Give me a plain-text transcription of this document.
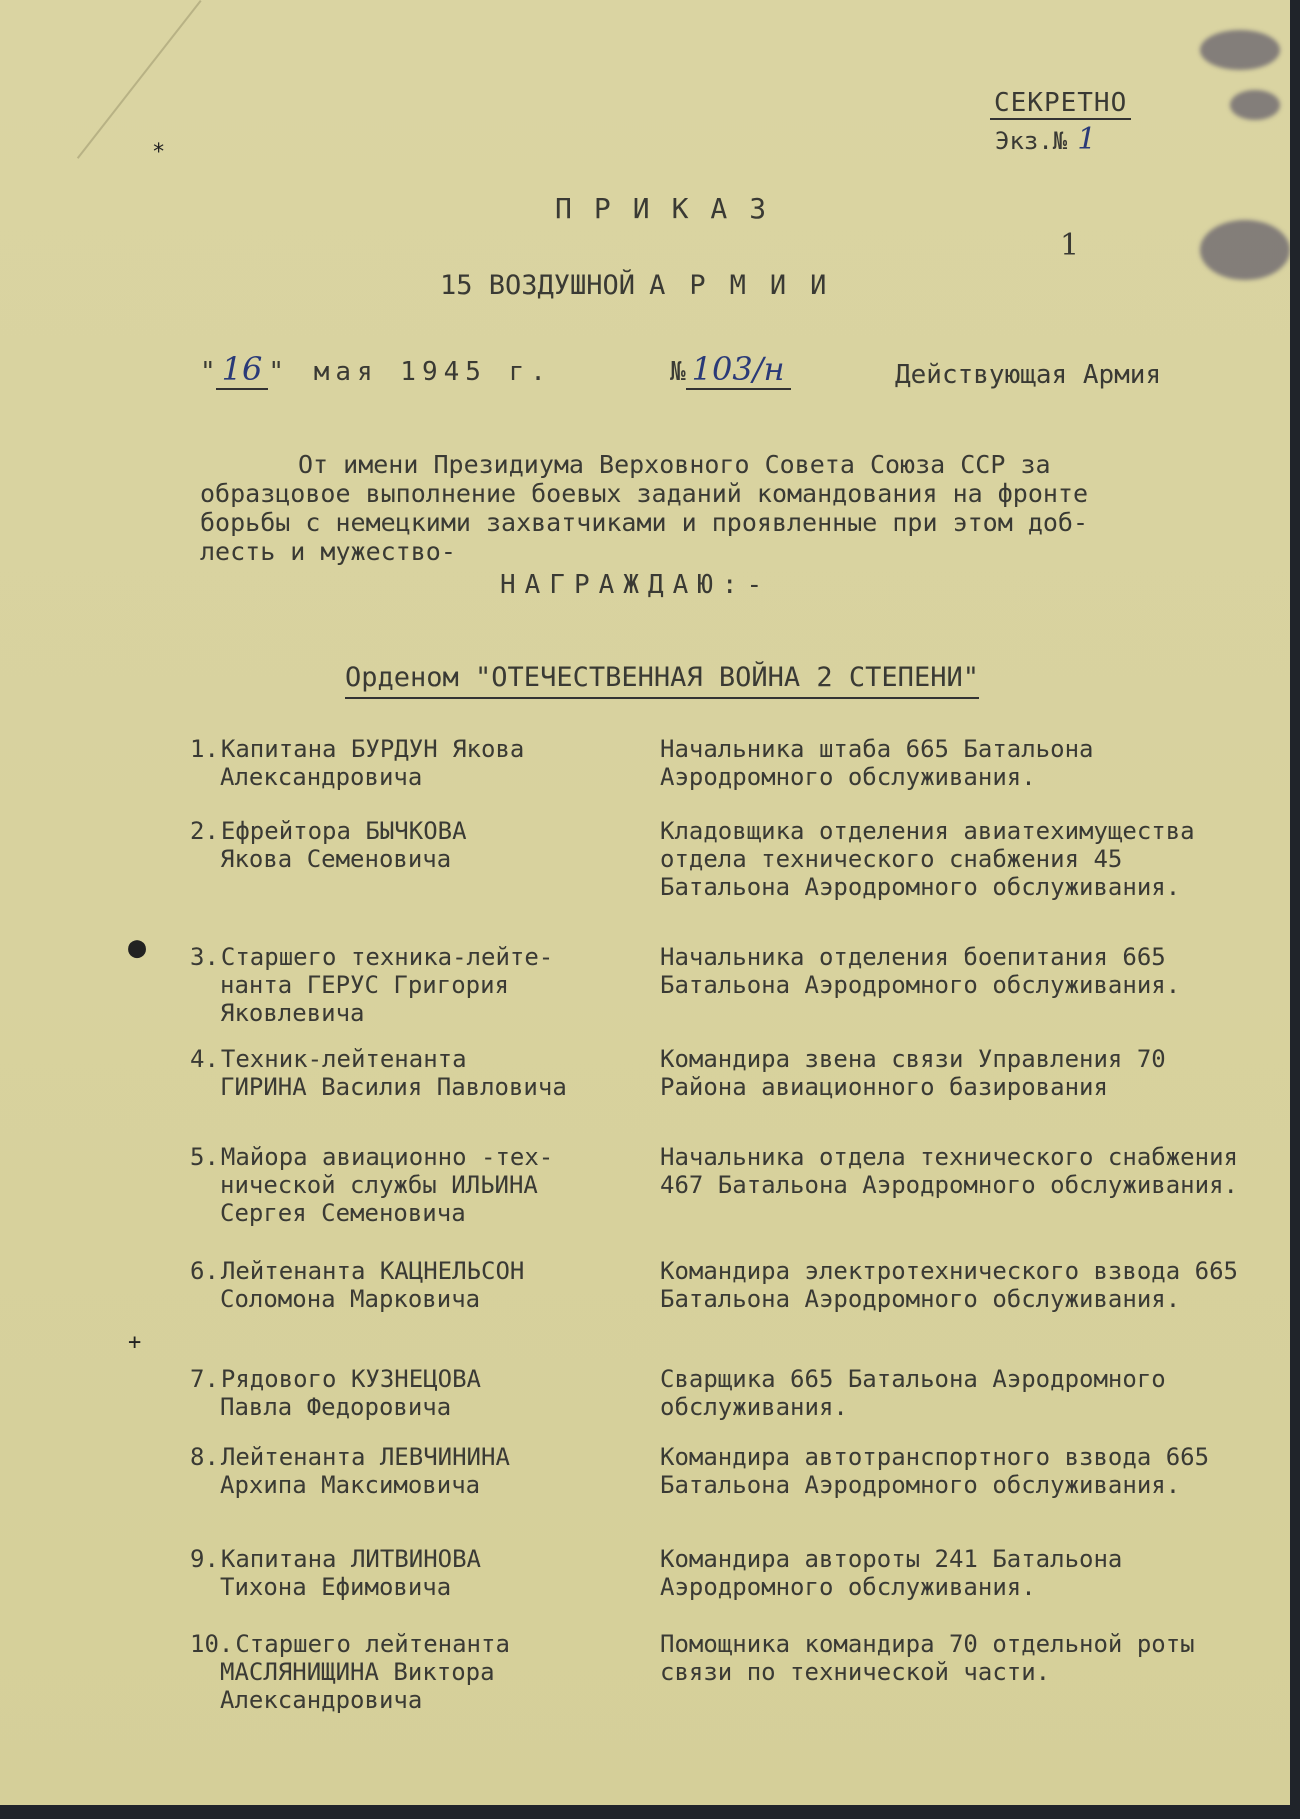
*
●
+
СЕКРЕТНО
Экз.№ 1
1
ПРИКАЗ
15 ВОЗДУШНОЙ АРМИИ
" 16 " мая 1945 г.	№ 103/н	Действующая Армия

От имени Президиума Верховного Совета Союза ССР за

образцовое выполнение боевых заданий командования на фронте

борьбы с немецкими захватчиками и проявленные при этом доб-

лесть и мужество-

НАГРАЖДАЮ:-
Орденом "ОТЕЧЕСТВЕННАЯ ВОЙНА 2 СТЕПЕНИ"
1.Капитана БУРДУН Якова
Александровича
Начальника штаба 665 Батальона Аэродромного обслуживания.
2.Ефрейтора БЫЧКОВА
Якова Семеновича
Кладовщика отделения авиатехимущества отдела технического снабжения 45 Батальона Аэродромного обслуживания.
3.Старшего техника-лейте-
нанта ГЕРУС Григория Яковлевича
Начальника отделения боепитания 665 Батальона Аэродромного обслуживания.
4.Техник-лейтенанта
ГИРИНА Василия Павловича
Командира звена связи Управления 70 Района авиационного базирования
5.Майора авиационно -тех-
нической службы ИЛЬИНА Сергея Семеновича
Начальника отдела технического снабжения 467 Батальона Аэродромного обслуживания.
6.Лейтенанта КАЦНЕЛЬСОН
Соломона Марковича
Командира электротехнического взвода 665 Батальона Аэродромного обслуживания.
7.Рядового КУЗНЕЦОВА
Павла Федоровича
Сварщика 665 Батальона Аэродромного обслуживания.
8.Лейтенанта ЛЕВЧИНИНА
Архипа Максимовича
Командира автотранспортного взвода 665 Батальона Аэродромного обслуживания.
9.Капитана ЛИТВИНОВА
Тихона Ефимовича
Командира автороты 241 Батальона Аэродромного обслуживания.
10.Старшего лейтенанта
МАСЛЯНИЩИНА Виктора Александровича
Помощника командира 70 отдельной роты связи по технической части.
